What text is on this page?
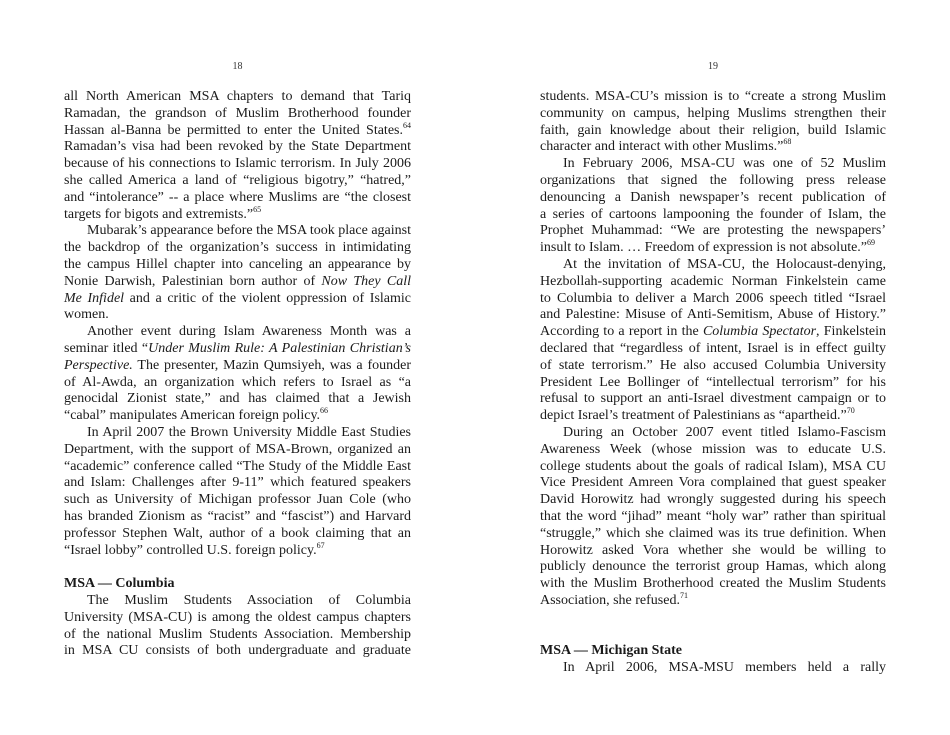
18
all North American MSA chapters to demand that Tariq
Ramadan, the grandson of Muslim Brotherhood founder
Hassan al-Banna be permitted to enter the United States.$^{64}$
Ramadan’s visa had been revoked by the State Department
because of his connections to Islamic terrorism. In July 2006
she called America a land of “religious bigotry,” “hatred,”
and “intolerance” -- a place where Muslims are “the closest
targets for bigots and extremists.”$^{65}$
Mubarak’s appearance before the MSA took place against
the backdrop of the organization’s success in intimidating
the campus Hillel chapter into canceling an appearance by
Nonie Darwish, Palestinian born author of Now They Call
Me Infidel and a critic of the violent oppression of Islamic
women.
Another event during Islam Awareness Month was a
seminar itled “Under Muslim Rule: A Palestinian Christian’s
Perspective. The presenter, Mazin Qumsiyeh, was a founder
of Al-Awda, an organization which refers to Israel as “a
genocidal Zionist state,” and has claimed that a Jewish
“cabal” manipulates American foreign policy.$^{66}$
In April 2007 the Brown University Middle East Studies
Department, with the support of MSA-Brown, organized an
“academic” conference called “The Study of the Middle East
and Islam: Challenges after 9-11” which featured speakers
such as University of Michigan professor Juan Cole (who
has branded Zionism as “racist” and “fascist”) and Harvard
professor Stephen Walt, author of a book claiming that an
“Israel lobby” controlled U.S. foreign policy.$^{67}$
MSA — Columbia
The Muslim Students Association of Columbia
University (MSA-CU) is among the oldest campus chapters
of the national Muslim Students Association. Membership
in MSA CU consists of both undergraduate and graduate
19
students. MSA-CU’s mission is to “create a strong Muslim
community on campus, helping Muslims strengthen their
faith, gain knowledge about their religion, build Islamic
character and interact with other Muslims.”$^{68}$
In February 2006, MSA-CU was one of 52 Muslim
organizations that signed the following press release
denouncing a Danish newspaper’s recent publication of
a series of cartoons lampooning the founder of Islam, the
Prophet Muhammad: “We are protesting the newspapers’
insult to Islam. … Freedom of expression is not absolute.”$^{69}$
At the invitation of MSA-CU, the Holocaust-denying,
Hezbollah-supporting academic Norman Finkelstein came
to Columbia to deliver a March 2006 speech titled “Israel
and Palestine: Misuse of Anti-Semitism, Abuse of History.”
According to a report in the Columbia Spectator, Finkelstein
declared that “regardless of intent, Israel is in effect guilty
of state terrorism.” He also accused Columbia University
President Lee Bollinger of “intellectual terrorism” for his
refusal to support an anti-Israel divestment campaign or to
depict Israel’s treatment of Palestinians as “apartheid.”$^{70}$
During an October 2007 event titled Islamo-Fascism
Awareness Week (whose mission was to educate U.S.
college students about the goals of radical Islam), MSA CU
Vice President Amreen Vora complained that guest speaker
David Horowitz had wrongly suggested during his speech
that the word “jihad” meant “holy war” rather than spiritual
“struggle,” which she claimed was its true definition. When
Horowitz asked Vora whether she would be willing to
publicly denounce the terrorist group Hamas, which along
with the Muslim Brotherhood created the Muslim Students
Association, she refused.$^{71}$
MSA — Michigan State
In April 2006, MSA-MSU members held a rally
